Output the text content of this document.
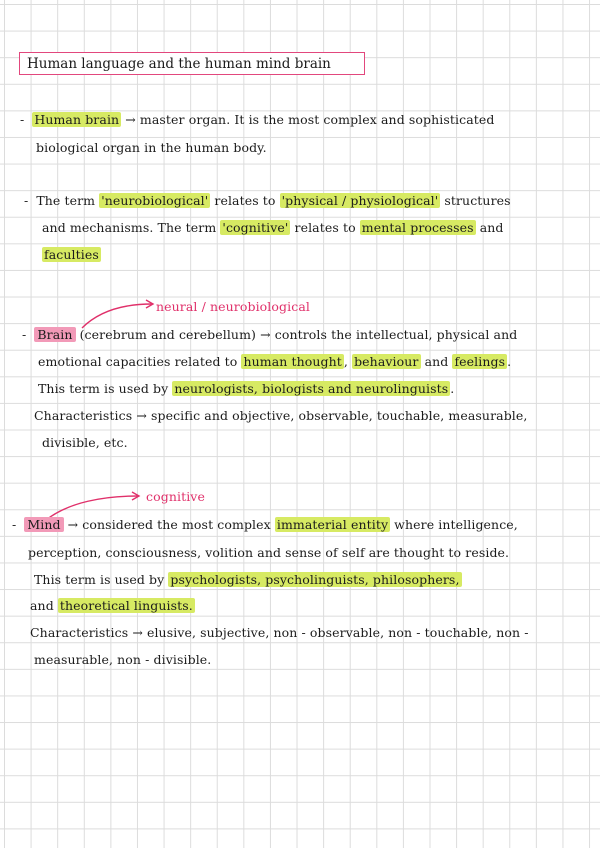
Human language and the human mind brain
- Human brain → master organ. It is the most complex and sophisticated
biological organ in the human body.
- The term 'neurobiological' relates to 'physical / physiological' structures
and mechanisms. The term 'cognitive' relates to mental processes and
faculties
neural / neurobiological
- Brain (cerebrum and cerebellum) → controls the intellectual, physical and
emotional capacities related to human thought , behaviour and feelings .
This term is used by neurologists, biologists and neurolinguists .
Characteristics → specific and objective, observable, touchable, measurable,
divisible, etc.
cognitive
- Mind → considered the most complex immaterial entity where intelligence,
perception, consciousness, volition and sense of self are thought to reside.
This term is used by psychologists, psycholinguists, philosophers,
and theoretical linguists.
Characteristics → elusive, subjective, non - observable, non - touchable, non -
measurable, non - divisible.
